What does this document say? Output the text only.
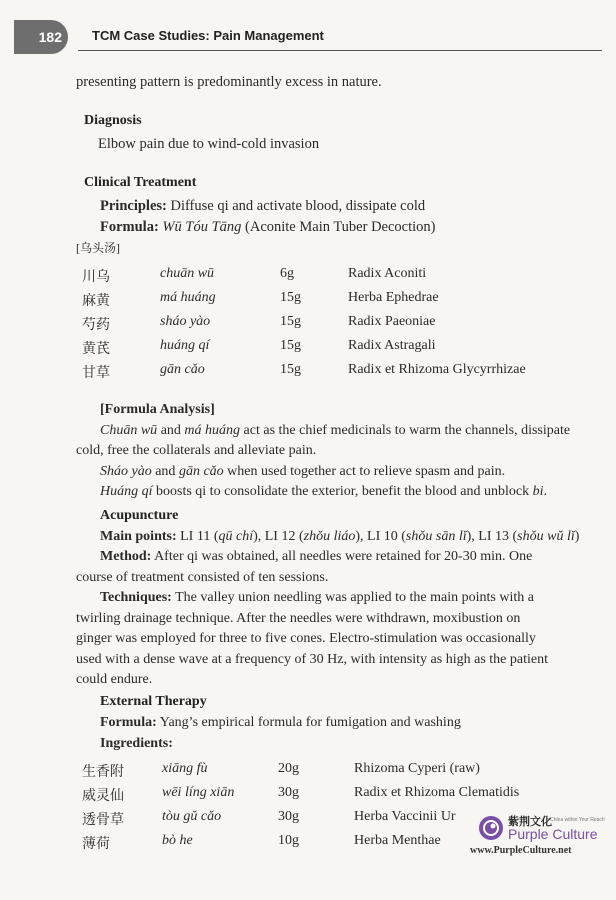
182 TCM Case Studies: Pain Management

presenting pattern is predominantly excess in nature.

Diagnosis

Elbow pain due to wind-cold invasion

Clinical Treatment

Principles: Diffuse qi and activate blood, dissipate cold

Formula: Wū Tóu Tāng (Aconite Main Tuber Decoction)

[乌头汤]

川乌	chuān wū	6g	Radix Aconiti
麻黄	má huáng	15g	Herba Ephedrae
芍药	sháo yào	15g	Radix Paeoniae
黄芪	huáng qí	15g	Radix Astragali
甘草	gān cǎo	15g	Radix et Rhizoma Glycyrrhizae

[Formula Analysis]

Chuān wū and má huáng act as the chief medicinals to warm the channels, dissipate

cold, free the collaterals and alleviate pain.

Sháo yào and gān cǎo when used together act to relieve spasm and pain.

Huáng qí boosts qi to consolidate the exterior, benefit the blood and unblock bi.

Acupuncture

Main points: LI 11 (qū chí), LI 12 (zhǒu liáo), LI 10 (shǒu sān lǐ), LI 13 (shǒu wǔ lǐ)

Method: After qi was obtained, all needles were retained for 20-30 min. One

course of treatment consisted of ten sessions.

Techniques: The valley union needling was applied to the main points with a

twirling drainage technique. After the needles were withdrawn, moxibustion on

ginger was employed for three to five cones. Electro-stimulation was occasionally

used with a dense wave at a frequency of 30 Hz, with intensity as high as the patient

could endure.

External Therapy

Formula: Yang’s empirical formula for fumigation and washing

Ingredients:

生香附	xiāng fù	20g	Rhizoma Cyperi (raw)
威灵仙	wēi líng xiān	30g	Radix et Rhizoma Clematidis
透骨草	tòu gǔ cǎo	30g	Herba Vaccinii Ur
薄荷	bò he	10g	Herba Menthae
紫荆文化
a China within Your Reach
Purple Culture
www.PurpleCulture.net
